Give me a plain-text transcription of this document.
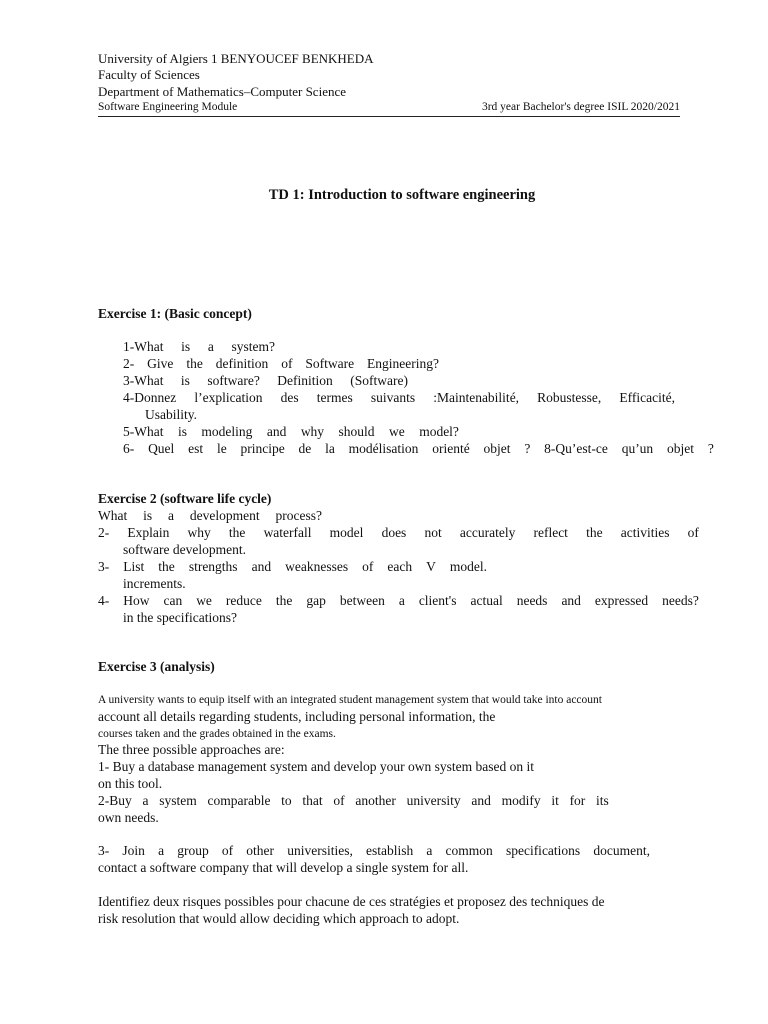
University of Algiers 1 BENYOUCEF BENKHEDA
Faculty of Sciences
Department of Mathematics–Computer Science
Software Engineering Module	3rd year Bachelor's degree ISIL 2020/2021
TD 1: Introduction to software engineering
Exercise 1: (Basic concept)
1-What is a system?
2- Give the definition of Software Engineering?
3-What is software? Definition (Software)
4-Donnez l’explication des termes suivants :Maintenabilité, Robustesse, Efficacité,
Usability.
5-What is modeling and why should we model?
6- Quel est le principe de la modélisation orienté objet ? 8-Qu’est-ce qu’un objet ?
Exercise 2 (software life cycle)
What is a development process?
2- Explain why the waterfall model does not accurately reflect the activities of
software development.
3- List the strengths and weaknesses of each V model.
increments.
4- How can we reduce the gap between a client's actual needs and expressed needs?
in the specifications?
Exercise 3 (analysis)
A university wants to equip itself with an integrated student management system that would take into account
account all details regarding students, including personal information, the
courses taken and the grades obtained in the exams.
The three possible approaches are:
1- Buy a database management system and develop your own system based on it
on this tool.
2-Buy a system comparable to that of another university and modify it for its
own needs.
3- Join a group of other universities, establish a common specifications document,
contact a software company that will develop a single system for all.
Identifiez deux risques possibles pour chacune de ces stratégies et proposez des techniques de
risk resolution that would allow deciding which approach to adopt.
